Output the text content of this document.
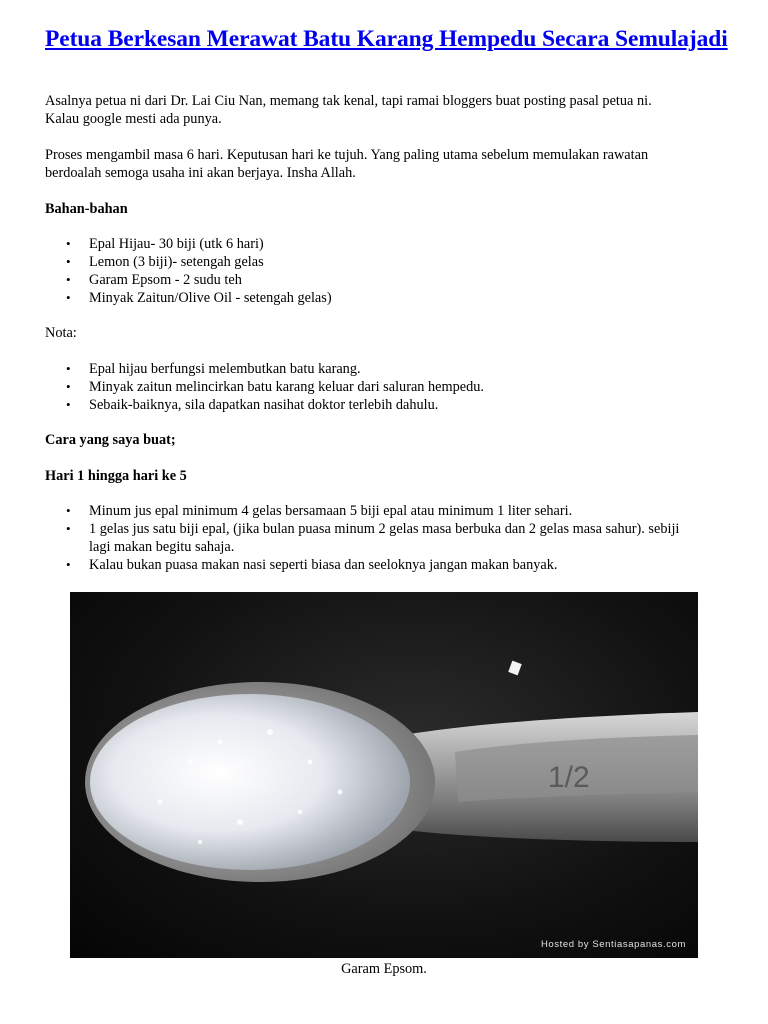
Petua Berkesan Merawat Batu Karang Hempedu Secara Semulajadi

Asalnya petua ni dari Dr. Lai Ciu Nan, memang tak kenal, tapi ramai bloggers buat posting pasal petua ni.
Kalau google mesti ada punya.

Proses mengambil masa 6 hari. Keputusan hari ke tujuh. Yang paling utama sebelum memulakan rawatan
berdoalah semoga usaha ini akan berjaya. Insha Allah.

Bahan-bahan

• Epal Hijau- 30 biji (utk 6 hari)
• Lemon (3 biji)- setengah gelas
• Garam Epsom - 2 sudu teh
• Minyak Zaitun/Olive Oil - setengah gelas)

Nota:

• Epal hijau berfungsi melembutkan batu karang.
• Minyak zaitun melincirkan batu karang keluar dari saluran hempedu.
• Sebaik-baiknya, sila dapatkan nasihat doktor terlebih dahulu.

Cara yang saya buat;

Hari 1 hingga hari ke 5

• Minum jus epal minimum 4 gelas bersamaan 5 biji epal atau minimum 1 liter sehari.
• 1 gelas jus satu biji epal, (jika bulan puasa minum 2 gelas masa berbuka dan 2 gelas masa sahur). sebiji
lagi makan begitu sahaja.
• Kalau bukan puasa makan nasi seperti biasa dan seeloknya jangan makan banyak.
1/2
Hosted by Sentiasapanas.com

Garam Epsom.
